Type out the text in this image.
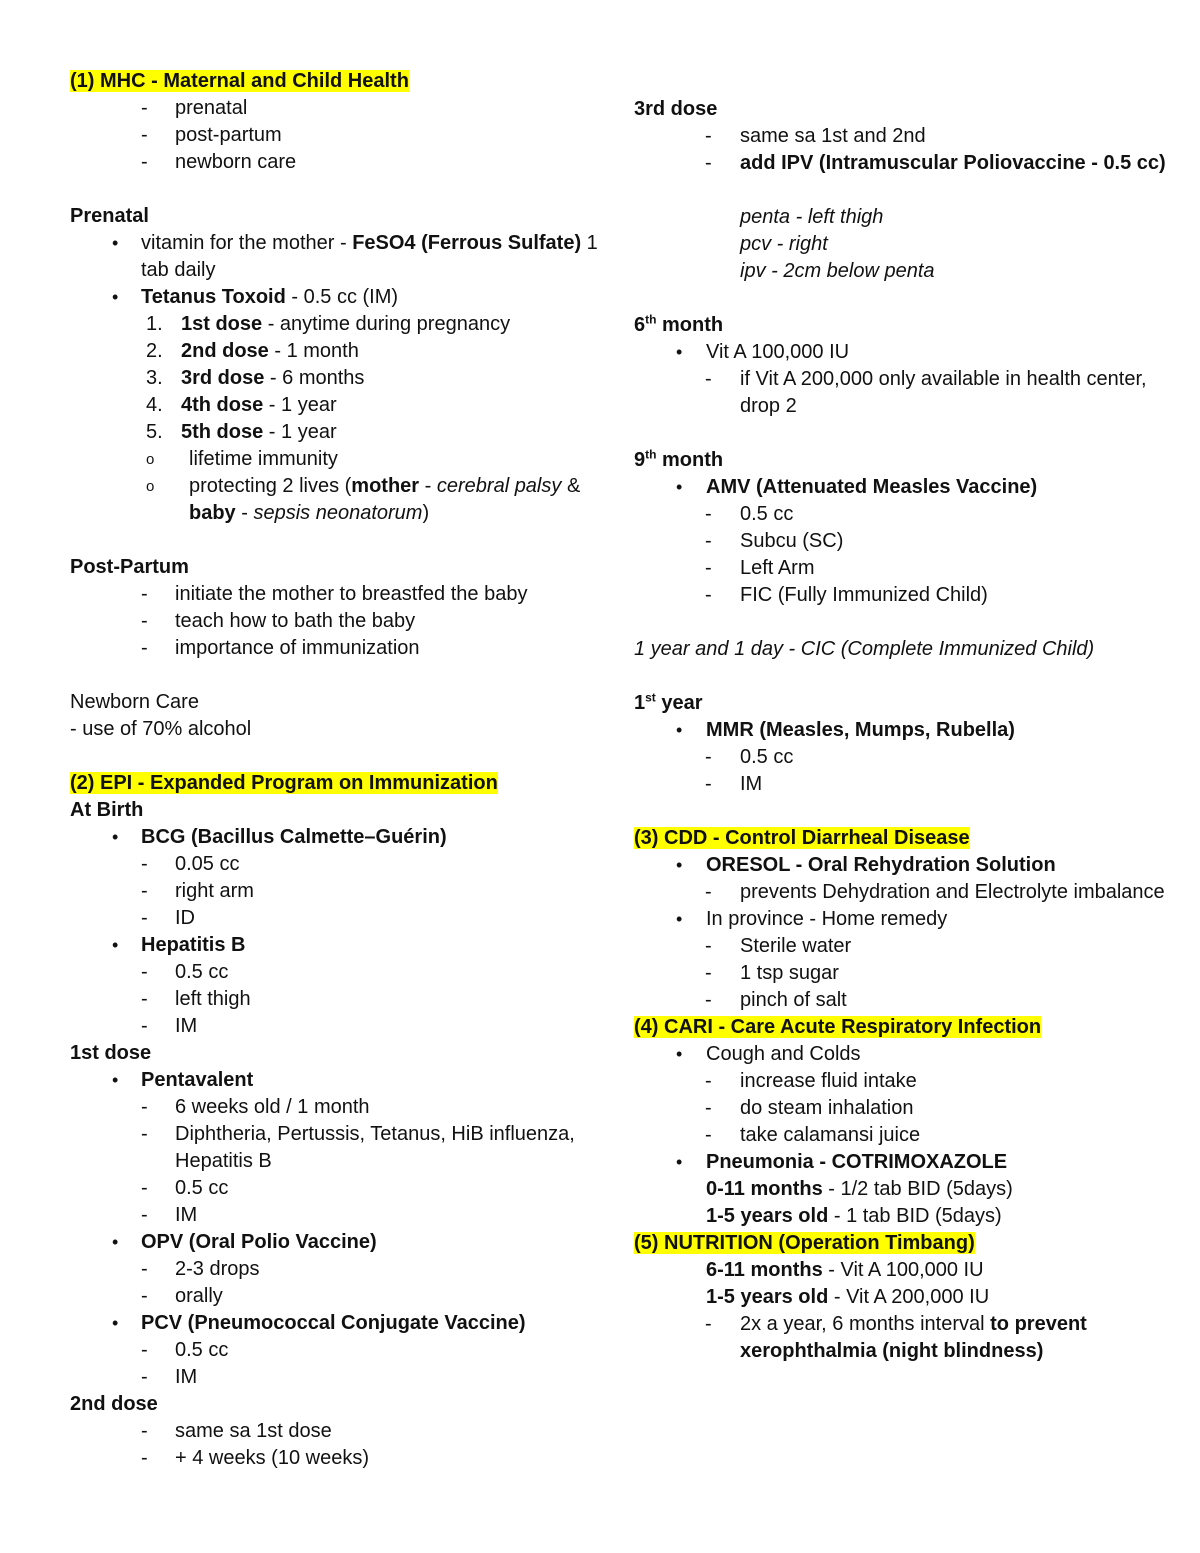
(1) MHC - Maternal and Child Health
- prenatal
- post-partum
- newborn care
Prenatal
• vitamin for the mother - FeSO4 (Ferrous Sulfate) 1 tab daily
• Tetanus Toxoid - 0.5 cc (IM)
1. 1st dose - anytime during pregnancy
2. 2nd dose - 1 month
3. 3rd dose - 6 months
4. 4th dose - 1 year
5. 5th dose - 1 year
o lifetime immunity
o protecting 2 lives (mother - cerebral palsy & baby - sepsis neonatorum)
Post-Partum
- initiate the mother to breastfed the baby
- teach how to bath the baby
- importance of immunization
Newborn Care
- use of 70% alcohol
(2) EPI - Expanded Program on Immunization
At Birth
• BCG (Bacillus Calmette–Guérin)
- 0.05 cc
- right arm
- ID
• Hepatitis B
- 0.5 cc
- left thigh
- IM
1st dose
• Pentavalent
- 6 weeks old / 1 month
- Diphtheria, Pertussis, Tetanus, HiB influenza, Hepatitis B
- 0.5 cc
- IM
• OPV (Oral Polio Vaccine)
- 2-3 drops
- orally
• PCV (Pneumococcal Conjugate Vaccine)
- 0.5 cc
- IM
2nd dose
- same sa 1st dose
- + 4 weeks (10 weeks)
3rd dose
- same sa 1st and 2nd
- add IPV (Intramuscular Poliovaccine - 0.5 cc)
penta - left thigh
pcv - right
ipv - 2cm below penta
6th month
• Vit A 100,000 IU
- if Vit A 200,000 only available in health center, drop 2
9th month
• AMV (Attenuated Measles Vaccine)
- 0.5 cc
- Subcu (SC)
- Left Arm
- FIC (Fully Immunized Child)
1 year and 1 day - CIC (Complete Immunized Child)
1st year
• MMR (Measles, Mumps, Rubella)
- 0.5 cc
- IM
(3) CDD - Control Diarrheal Disease
• ORESOL - Oral Rehydration Solution
- prevents Dehydration and Electrolyte imbalance
• In province - Home remedy
- Sterile water
- 1 tsp sugar
- pinch of salt
(4) CARI - Care Acute Respiratory Infection
• Cough and Colds
- increase fluid intake
- do steam inhalation
- take calamansi juice
• Pneumonia - COTRIMOXAZOLE
0-11 months - 1/2 tab BID (5days)
1-5 years old - 1 tab BID (5days)
(5) NUTRITION (Operation Timbang)
6-11 months - Vit A 100,000 IU
1-5 years old - Vit A 200,000 IU
- 2x a year, 6 months interval to prevent xerophthalmia (night blindness)
